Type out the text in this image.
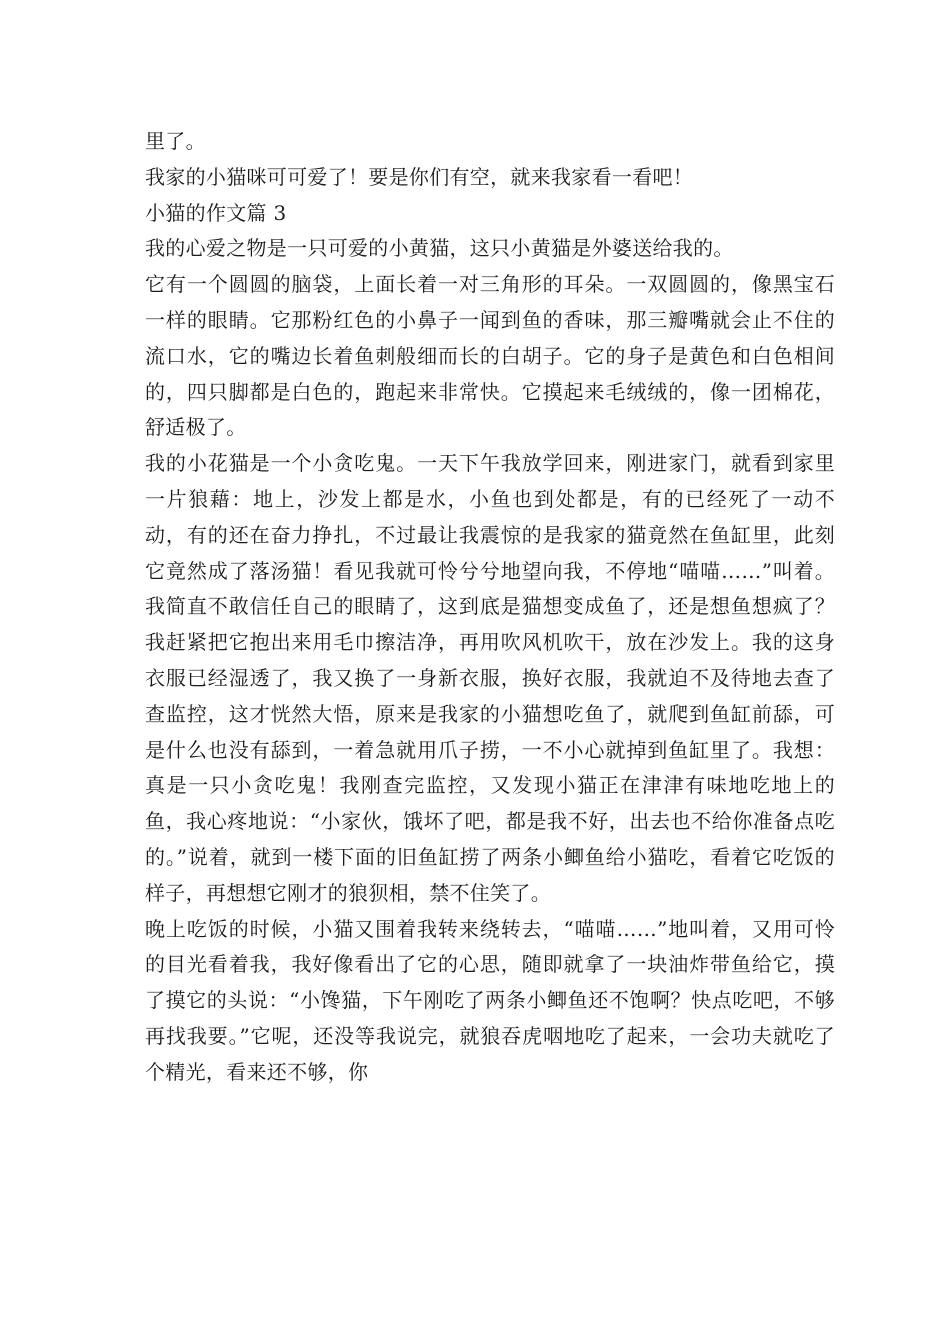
里了。

我家的小猫咪可可爱了！要是你们有空，就来我家看一看吧！

小猫的作文篇 3

我的心爱之物是一只可爱的小黄猫，这只小黄猫是外婆送给我的。

它有一个圆圆的脑袋，上面长着一对三角形的耳朵。一双圆圆的，像黑宝石一样的眼睛。它那粉红色的小鼻子一闻到鱼的香味，那三瓣嘴就会止不住的流口水，它的嘴边长着鱼刺般细而长的白胡子。它的身子是黄色和白色相间的，四只脚都是白色的，跑起来非常快。它摸起来毛绒绒的，像一团棉花，舒适极了。

我的小花猫是一个小贪吃鬼。一天下午我放学回来，刚进家门，就看到家里一片狼藉：地上，沙发上都是水，小鱼也到处都是，有的已经死了一动不动，有的还在奋力挣扎，不过最让我震惊的是我家的猫竟然在鱼缸里，此刻它竟然成了落汤猫！看见我就可怜兮兮地望向我，不停地“喵喵……”叫着。我简直不敢信任自己的眼睛了，这到底是猫想变成鱼了，还是想鱼想疯了？我赶紧把它抱出来用毛巾擦洁净，再用吹风机吹干，放在沙发上。我的这身衣服已经湿透了，我又换了一身新衣服，换好衣服，我就迫不及待地去查了查监控，这才恍然大悟，原来是我家的小猫想吃鱼了，就爬到鱼缸前舔，可是什么也没有舔到，一着急就用爪子捞，一不小心就掉到鱼缸里了。我想：真是一只小贪吃鬼！我刚查完监控，又发现小猫正在津津有味地吃地上的鱼，我心疼地说：“小家伙，饿坏了吧，都是我不好，出去也不给你准备点吃的。”说着，就到一楼下面的旧鱼缸捞了两条小鲫鱼给小猫吃，看着它吃饭的样子，再想想它刚才的狼狈相，禁不住笑了。

晚上吃饭的时候，小猫又围着我转来绕转去，“喵喵……”地叫着，又用可怜的目光看着我，我好像看出了它的心思，随即就拿了一块油炸带鱼给它，摸了摸它的头说：“小馋猫，下午刚吃了两条小鲫鱼还不饱啊？快点吃吧，不够再找我要。”它呢，还没等我说完，就狼吞虎咽地吃了起来，一会功夫就吃了个精光，看来还不够，你
